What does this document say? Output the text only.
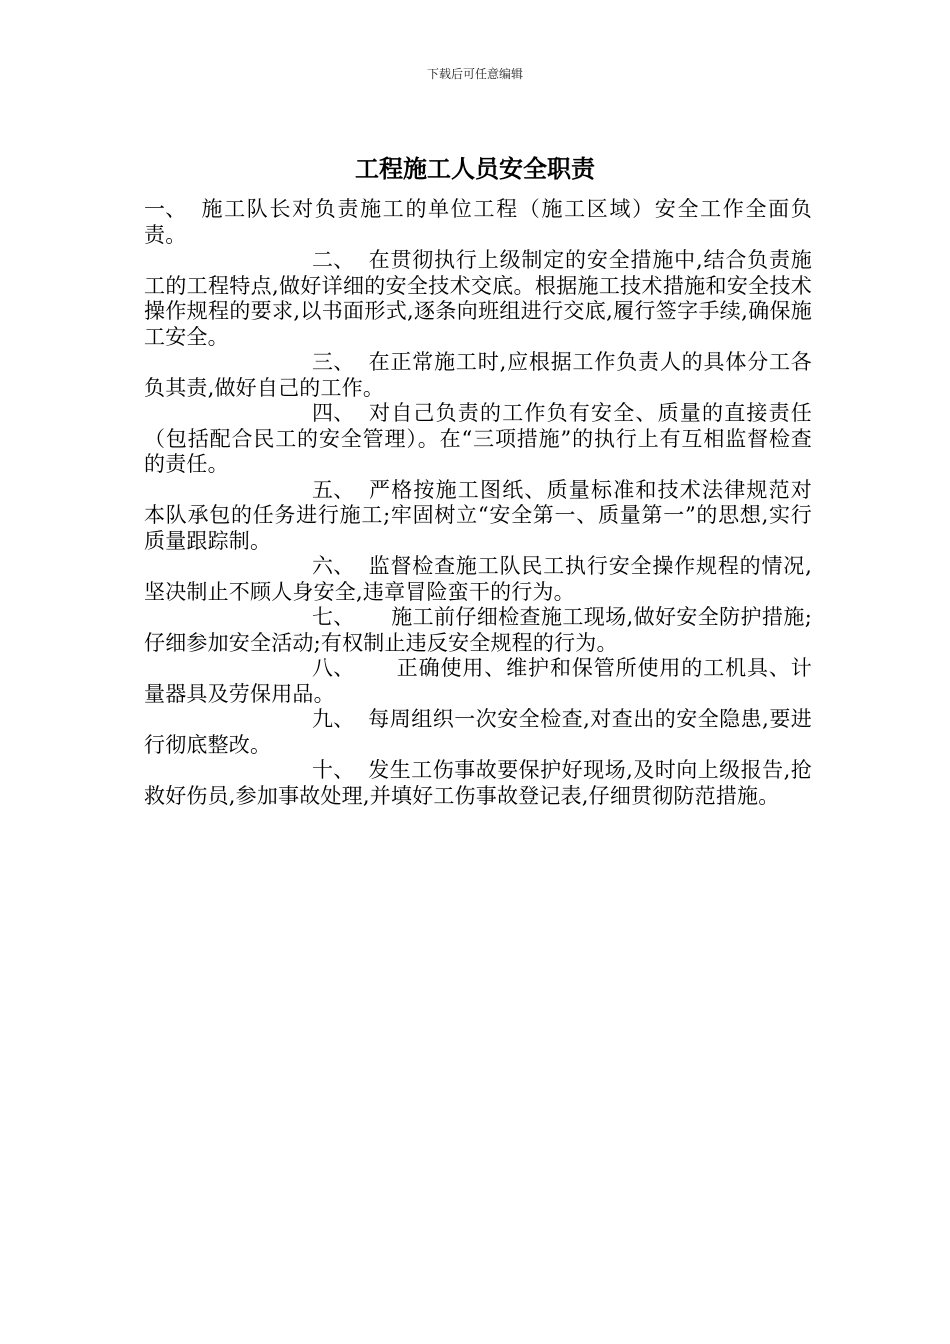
下载后可任意编辑
工程施工人员安全职责

一、 施工队长对负责施工的单位工程（施工区域）安全工作全面负责。

二、 在贯彻执行上级制定的安全措施中,结合负责施工的工程特点,做好详细的安全技术交底。根据施工技术措施和安全技术操作规程的要求,以书面形式,逐条向班组进行交底,履行签字手续,确保施工安全。

三、 在正常施工时,应根据工作负责人的具体分工各负其责,做好自己的工作。

四、 对自己负责的工作负有安全、质量的直接责任（包括配合民工的安全管理）。在“三项措施”的执行上有互相监督检查的责任。

五、 严格按施工图纸、质量标准和技术法律规范对本队承包的任务进行施工;牢固树立“安全第一、质量第一”的思想,实行质量跟踪制。

六、 监督检查施工队民工执行安全操作规程的情况,坚决制止不顾人身安全,违章冒险蛮干的行为。

七、 施工前仔细检查施工现场,做好安全防护措施;仔细参加安全活动;有权制止违反安全规程的行为。

八、 正确使用、维护和保管所使用的工机具、计量器具及劳保用品。

九、 每周组织一次安全检查,对查出的安全隐患,要进行彻底整改。

十、 发生工伤事故要保护好现场,及时向上级报告,抢救好伤员,参加事故处理,并填好工伤事故登记表,仔细贯彻防范措施。
